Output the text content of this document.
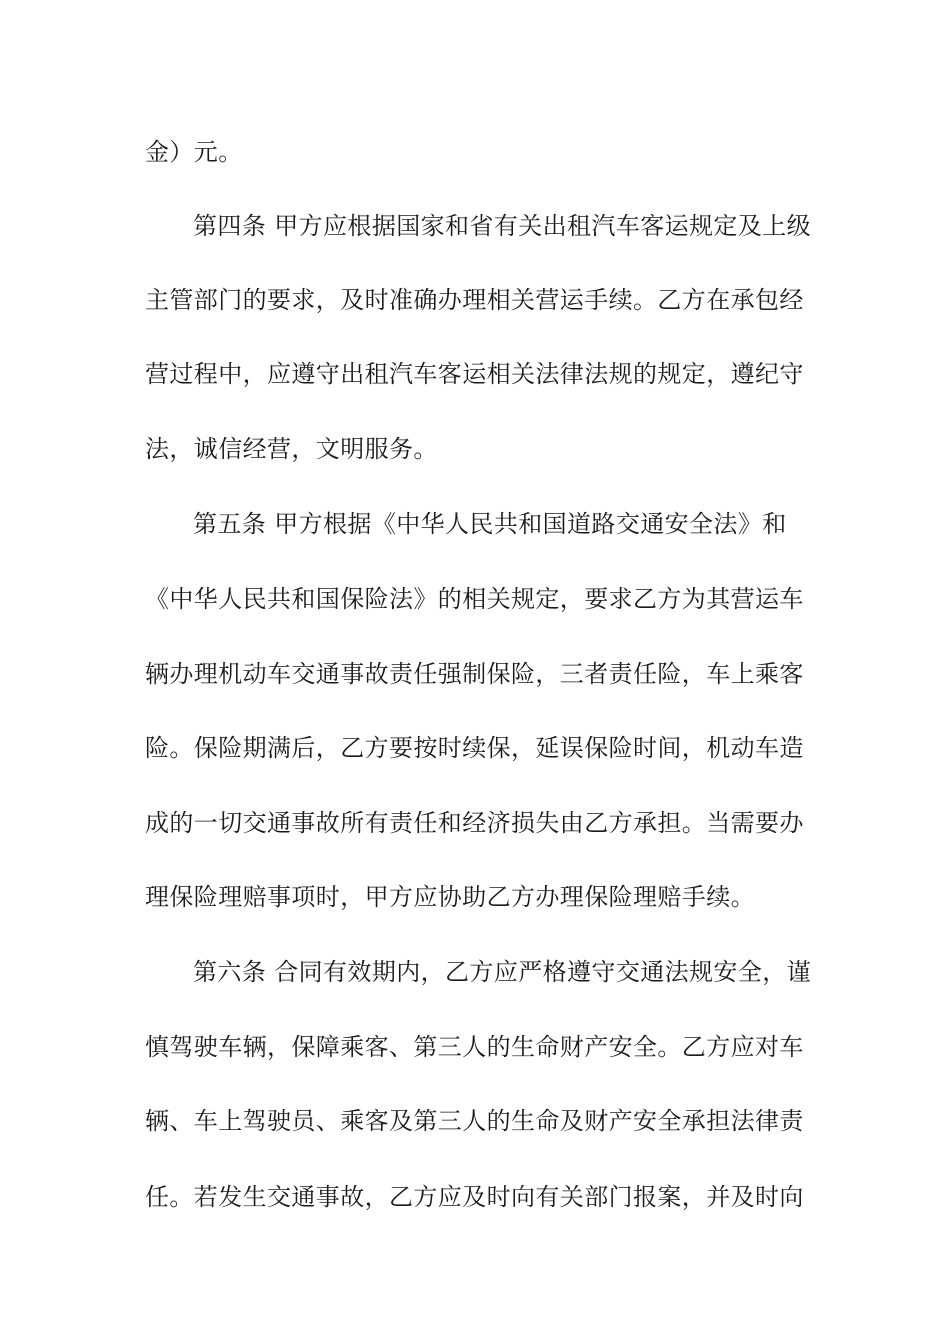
金）元。
第四条 甲方应根据国家和省有关出租汽车客运规定及上级
主管部门的要求，及时准确办理相关营运手续。乙方在承包经
营过程中，应遵守出租汽车客运相关法律法规的规定，遵纪守
法，诚信经营，文明服务。
第五条 甲方根据《中华人民共和国道路交通安全法》和
《中华人民共和国保险法》的相关规定，要求乙方为其营运车
辆办理机动车交通事故责任强制保险，三者责任险，车上乘客
险。保险期满后，乙方要按时续保，延误保险时间，机动车造
成的一切交通事故所有责任和经济损失由乙方承担。当需要办
理保险理赔事项时，甲方应协助乙方办理保险理赔手续。
第六条 合同有效期内，乙方应严格遵守交通法规安全，谨
慎驾驶车辆，保障乘客、第三人的生命财产安全。乙方应对车
辆、车上驾驶员、乘客及第三人的生命及财产安全承担法律责
任。若发生交通事故，乙方应及时向有关部门报案，并及时向
